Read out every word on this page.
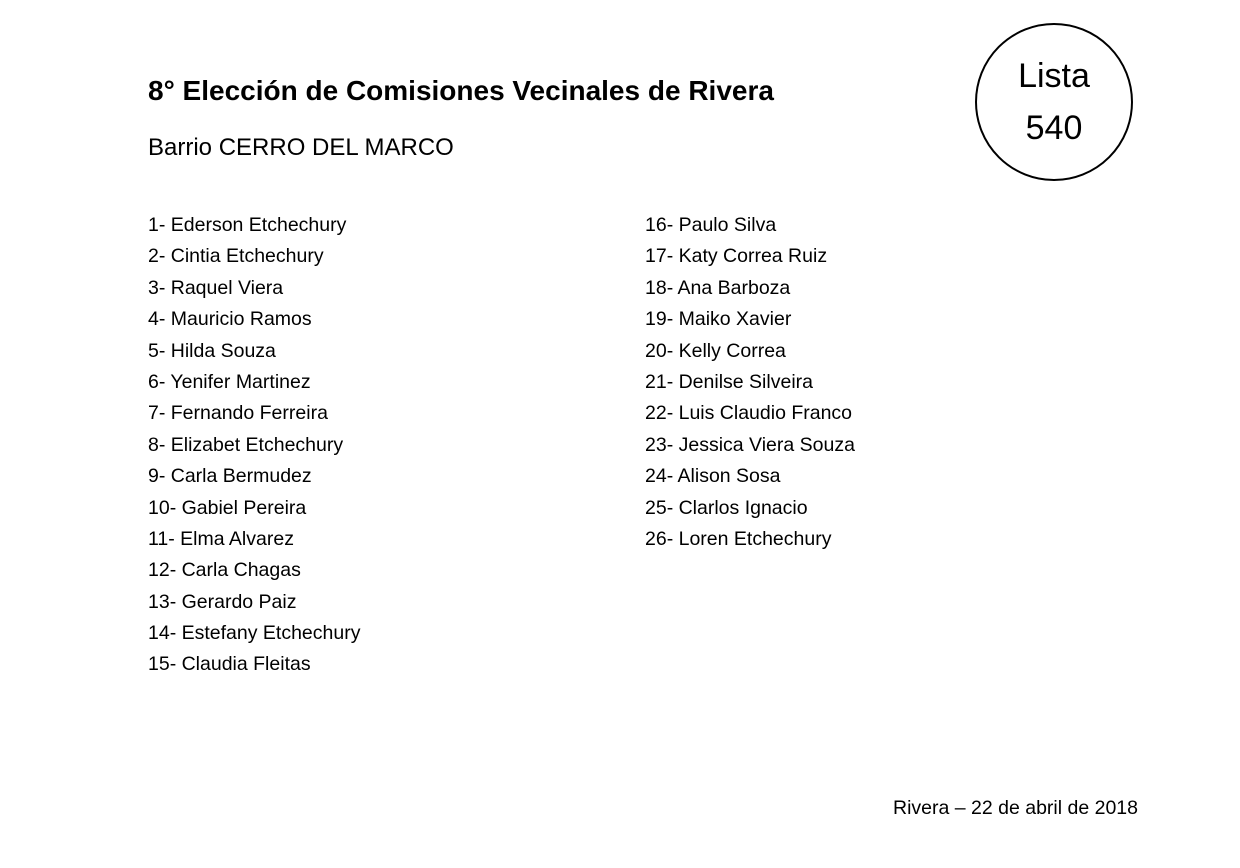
8° Elección de Comisiones Vecinales de Rivera
Barrio CERRO DEL MARCO
Lista
540
1- Ederson Etchechury
2- Cintia Etchechury
3- Raquel Viera
4- Mauricio Ramos
5- Hilda Souza
6- Yenifer Martinez
7- Fernando Ferreira
8- Elizabet Etchechury
9- Carla Bermudez
10- Gabiel Pereira
11- Elma Alvarez
12- Carla Chagas
13- Gerardo Paiz
14- Estefany Etchechury
15- Claudia Fleitas
16- Paulo Silva
17- Katy Correa Ruiz
18- Ana Barboza
19- Maiko Xavier
20- Kelly Correa
21- Denilse Silveira
22- Luis Claudio Franco
23- Jessica Viera Souza
24- Alison Sosa
25- Clarlos Ignacio
26- Loren Etchechury
Rivera – 22 de abril de 2018
